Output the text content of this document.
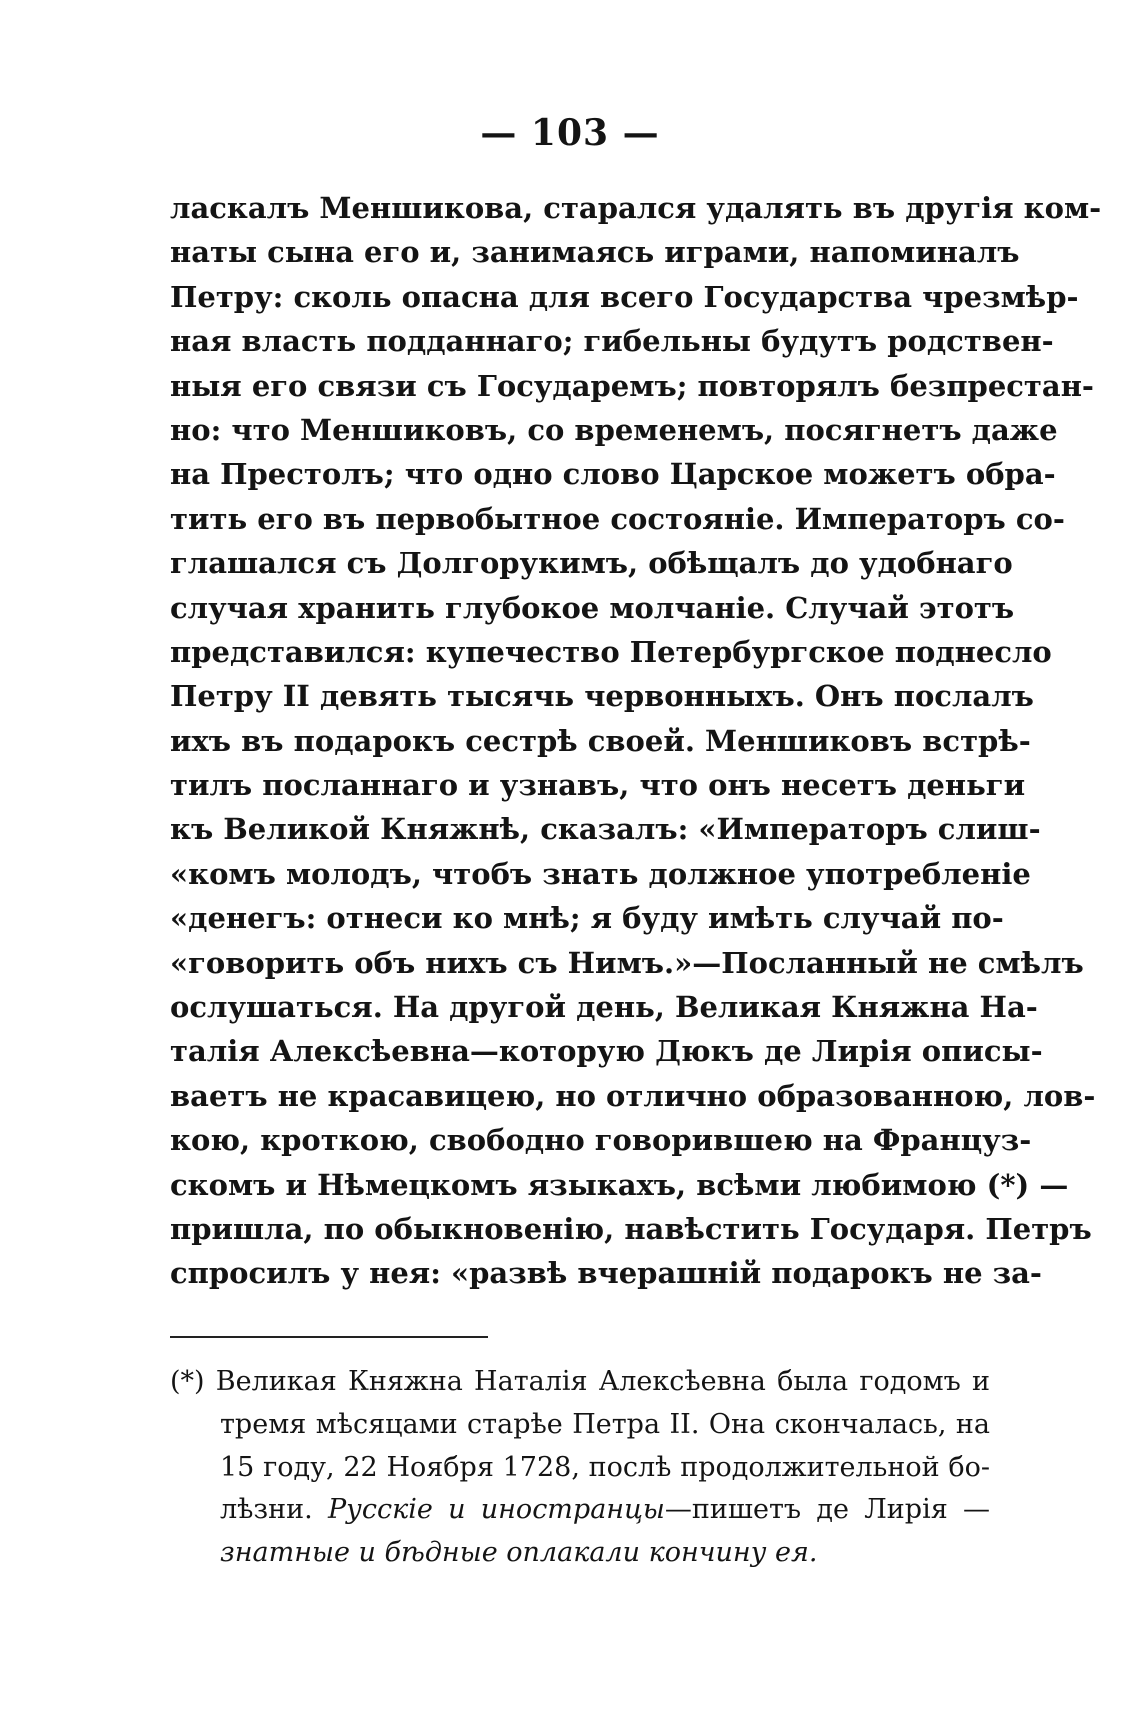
— 103 —
ласкалъ Меншикова, старался удалять въ другія ком-
наты сына его и, занимаясь играми, напоминалъ
Петру: сколь опасна для всего Государства чрезмѣр-
ная власть подданнаго; гибельны будутъ родствен-
ныя его связи съ Государемъ; повторялъ безпрестан-
но: что Меншиковъ, со временемъ, посягнетъ даже
на Престолъ; что одно слово Царское можетъ обра-
тить его въ первобытное состояніе. Императоръ со-
глашался съ Долгорукимъ, обѣщалъ до удобнаго
случая хранить глубокое молчаніе. Случай этотъ
представился: купечество Петербургское поднесло
Петру II девять тысячь червонныхъ. Онъ послалъ
ихъ въ подарокъ сестрѣ своей. Меншиковъ встрѣ-
тилъ посланнаго и узнавъ, что онъ несетъ деньги
къ Великой Княжнѣ, сказалъ: «Императоръ слиш-
«комъ молодъ, чтобъ знать должное употребленіе
«денегъ: отнеси ко мнѣ; я буду имѣть случай по-
«говорить объ нихъ съ Нимъ.»—Посланный не смѣлъ
ослушаться. На другой день, Великая Княжна На-
талія Алексѣевна—которую Дюкъ де Лирія описы-
ваетъ не красавицею, но отлично образованною, лов-
кою, кроткою, свободно говорившею на Француз-
скомъ и Нѣмецкомъ языкахъ, всѣми любимою (*) —
пришла, по обыкновенію, навѣстить Государя. Петръ
спросилъ у нея: «развѣ вчерашній подарокъ не за-
(*) Великая Княжна Наталія Алексѣевна была годомъ и
тремя мѣсяцами старѣе Петра II. Она скончалась, на
15 году, 22 Ноября 1728, послѣ продолжительной бо-
лѣзни. Русскіе и иностранцы—пишетъ де Лирія —
знатные и бѣдные оплакали кончину ея.
